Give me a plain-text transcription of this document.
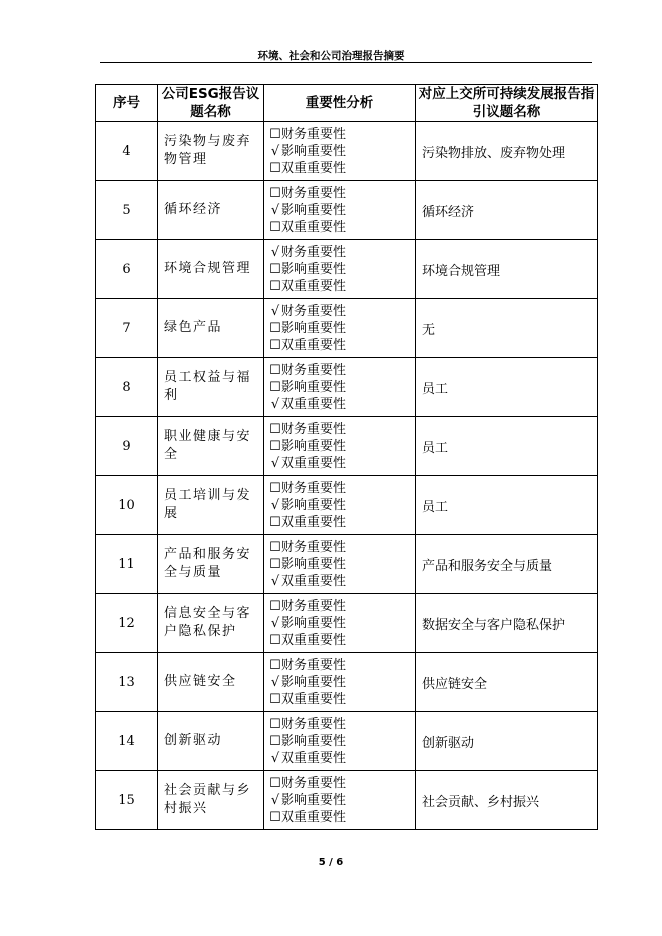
环境、社会和公司治理报告摘要
序号	公司ESG报告议题名称	重要性分析	对应上交所可持续发展报告指引议题名称
4	污染物与废弃物管理	☐财务重要性
√ 影响重要性
☐双重重要性	污染物排放、废弃物处理
5	循环经济	☐财务重要性
√ 影响重要性
☐双重重要性	循环经济
6	环境合规管理	√ 财务重要性
☐影响重要性
☐双重重要性	环境合规管理
7	绿色产品	√ 财务重要性
☐影响重要性
☐双重重要性	无
8	员工权益与福利	☐财务重要性
☐影响重要性
√ 双重重要性	员工
9	职业健康与安全	☐财务重要性
☐影响重要性
√ 双重重要性	员工
10	员工培训与发展	☐财务重要性
√ 影响重要性
☐双重重要性	员工
11	产品和服务安全与质量	☐财务重要性
☐影响重要性
√ 双重重要性	产品和服务安全与质量
12	信息安全与客户隐私保护	☐财务重要性
√ 影响重要性
☐双重重要性	数据安全与客户隐私保护
13	供应链安全	☐财务重要性
√ 影响重要性
☐双重重要性	供应链安全
14	创新驱动	☐财务重要性
☐影响重要性
√ 双重重要性	创新驱动
15	社会贡献与乡村振兴	☐财务重要性
√ 影响重要性
☐双重重要性	社会贡献、乡村振兴
5 / 6
